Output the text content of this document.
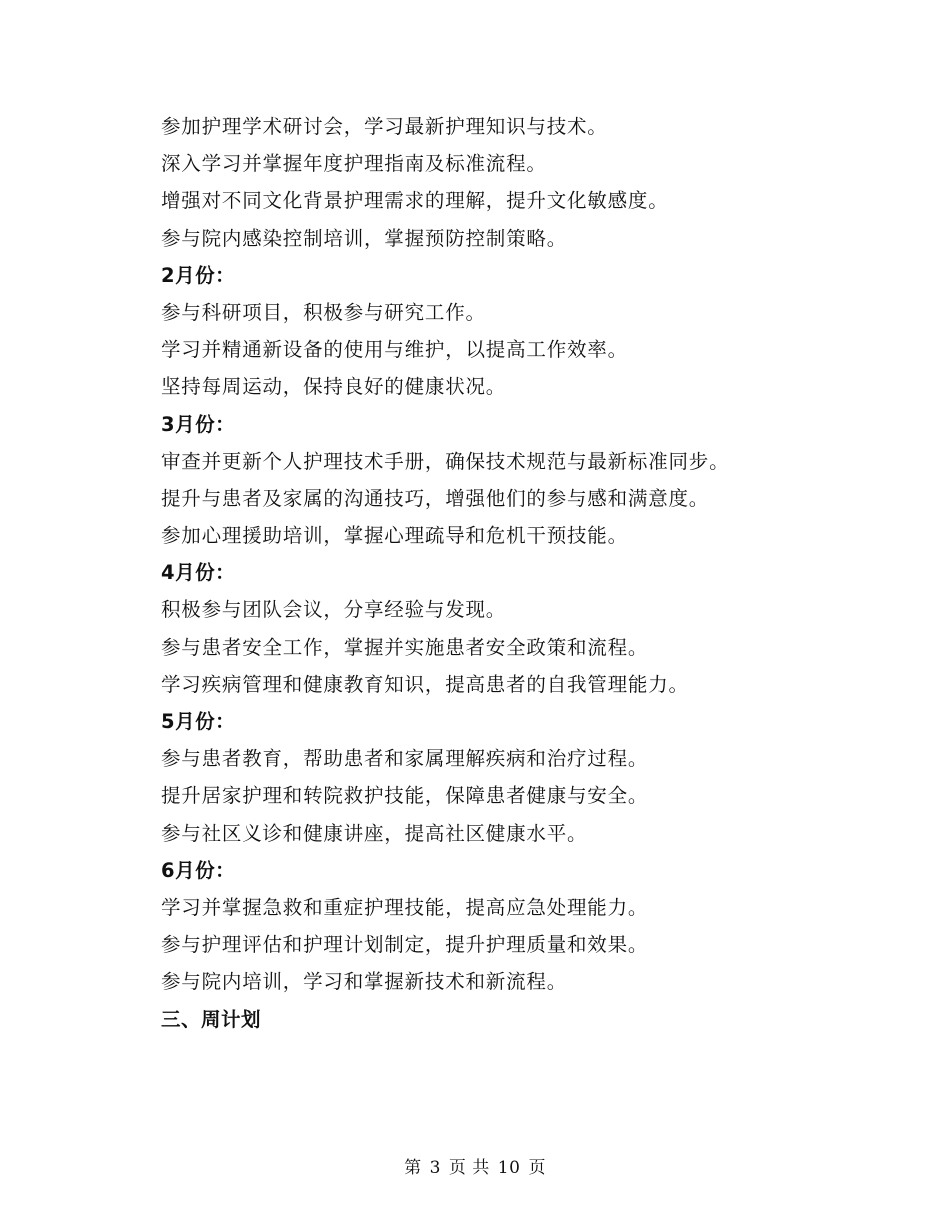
参加护理学术研讨会，学习最新护理知识与技术。
深入学习并掌握年度护理指南及标准流程。
增强对不同文化背景护理需求的理解，提升文化敏感度。
参与院内感染控制培训，掌握预防控制策略。
2月份：
参与科研项目，积极参与研究工作。
学习并精通新设备的使用与维护，以提高工作效率。
坚持每周运动，保持良好的健康状况。
3月份：
审查并更新个人护理技术手册，确保技术规范与最新标准同步。
提升与患者及家属的沟通技巧，增强他们的参与感和满意度。
参加心理援助培训，掌握心理疏导和危机干预技能。
4月份：
积极参与团队会议，分享经验与发现。
参与患者安全工作，掌握并实施患者安全政策和流程。
学习疾病管理和健康教育知识，提高患者的自我管理能力。
5月份：
参与患者教育，帮助患者和家属理解疾病和治疗过程。
提升居家护理和转院救护技能，保障患者健康与安全。
参与社区义诊和健康讲座，提高社区健康水平。
6月份：
学习并掌握急救和重症护理技能，提高应急处理能力。
参与护理评估和护理计划制定，提升护理质量和效果。
参与院内培训，学习和掌握新技术和新流程。
三、周计划
第 3 页 共 10 页
